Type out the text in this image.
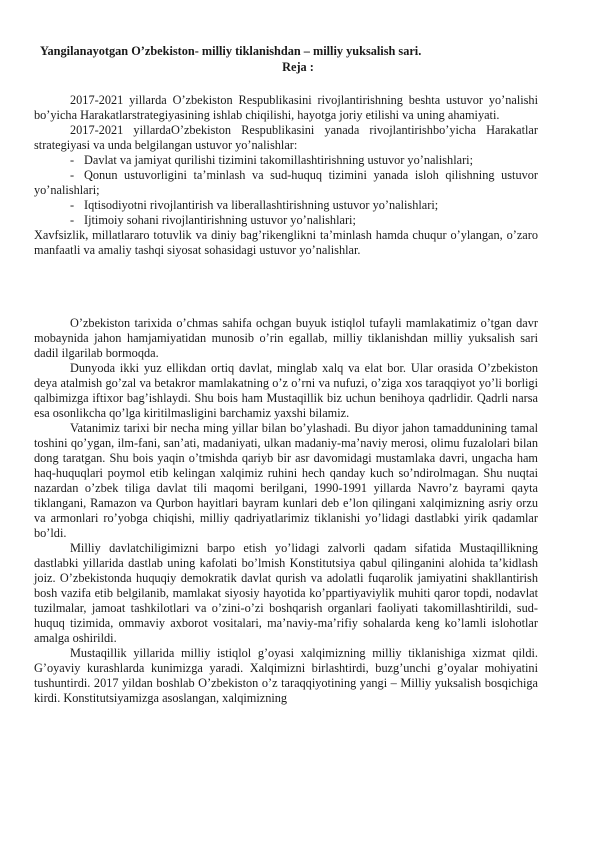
Yangilanayotgan O’zbekiston- milliy tiklanishdan – milliy yuksalish sari.
Reja :

2017-2021 yillarda O’zbekiston Respublikasini rivojlantirishning beshta ustuvor yo’nalishi bo’yicha Harakatlarstrategiyasining ishlab chiqilishi, hayotga joriy etilishi va uning ahamiyati.

2017-2021 yillardaO’zbekiston Respublikasini yanada rivojlantirishbo’yicha Harakatlar strategiyasi va unda belgilangan ustuvor yo’nalishlar:

- Davlat va jamiyat qurilishi tizimini takomillashtirishning ustuvor yo’nalishlari;

- Qonun ustuvorligini ta’minlash va sud-huquq tizimini yanada isloh qilishning ustuvor yo’nalishlari;

- Iqtisodiyotni rivojlantirish va liberallashtirishning ustuvor yo’nalishlari;

- Ijtimoiy sohani rivojlantirishning ustuvor yo’nalishlari;

Xavfsizlik, millatlararo totuvlik va diniy bag’rikenglikni ta’minlash hamda chuqur o’ylangan, o’zaro manfaatli va amaliy tashqi siyosat sohasidagi ustuvor yo’nalishlar.

O’zbekiston tarixida o’chmas sahifa ochgan buyuk istiqlol tufayli mamlakatimiz o’tgan davr mobaynida jahon hamjamiyatidan munosib o’rin egallab, milliy tiklanishdan milliy yuksalish sari dadil ilgarilab bormoqda.

Dunyoda ikki yuz ellikdan ortiq davlat, minglab xalq va elat bor. Ular orasida O’zbekiston deya atalmish go’zal va betakror mamlakatning o’z o’rni va nufuzi, o’ziga xos taraqqiyot yo’li borligi qalbimizga iftixor bag’ishlaydi. Shu bois ham Mustaqillik biz uchun benihoya qadrlidir. Qadrli narsa esa osonlikcha qo’lga kiritilmasligini barchamiz yaxshi bilamiz.

Vatanimiz tarixi bir necha ming yillar bilan bo’ylashadi. Bu diyor jahon tamaddunining tamal toshini qo’ygan, ilm-fani, san’ati, madaniyati, ulkan madaniy-ma’naviy merosi, olimu fuzalolari bilan dong taratgan. Shu bois yaqin o’tmishda qariyb bir asr davomidagi mustamlaka davri, ungacha ham haq-huquqlari poymol etib kelingan xalqimiz ruhini hech qanday kuch so’ndirolmagan. Shu nuqtai nazardan o’zbek tiliga davlat tili maqomi berilgani, 1990-1991 yillarda Navro’z bayrami qayta tiklangani, Ramazon va Qurbon hayitlari bayram kunlari deb e’lon qilingani xalqimizning asriy orzu va armonlari ro’yobga chiqishi, milliy qadriyatlarimiz tiklanishi yo’lidagi dastlabki yirik qadamlar bo’ldi.

Milliy davlatchiligimizni barpo etish yo’lidagi zalvorli qadam sifatida Mustaqillikning dastlabki yillarida dastlab uning kafolati bo’lmish Konstitutsiya qabul qilinganini alohida ta’kidlash joiz. O’zbekistonda huquqiy demokratik davlat qurish va adolatli fuqarolik jamiyatini shakllantirish bosh vazifa etib belgilanib, mamlakat siyosiy hayotida ko’ppartiyaviylik muhiti qaror topdi, nodavlat tuzilmalar, jamoat tashkilotlari va o’zini-o’zi boshqarish organlari faoliyati takomillashtirildi, sud-huquq tizimida, ommaviy axborot vositalari, ma’naviy-ma’rifiy sohalarda keng ko’lamli islohotlar amalga oshirildi.

Mustaqillik yillarida milliy istiqlol g’oyasi xalqimizning milliy tiklanishiga xizmat qildi. G’oyaviy kurashlarda kunimizga yaradi. Xalqimizni birlashtirdi, buzg’unchi g’oyalar mohiyatini tushuntirdi. 2017 yildan boshlab O’zbekiston o’z taraqqiyotining yangi – Milliy yuksalish bosqichiga kirdi. Konstitutsiyamizga asoslangan, xalqimizning
